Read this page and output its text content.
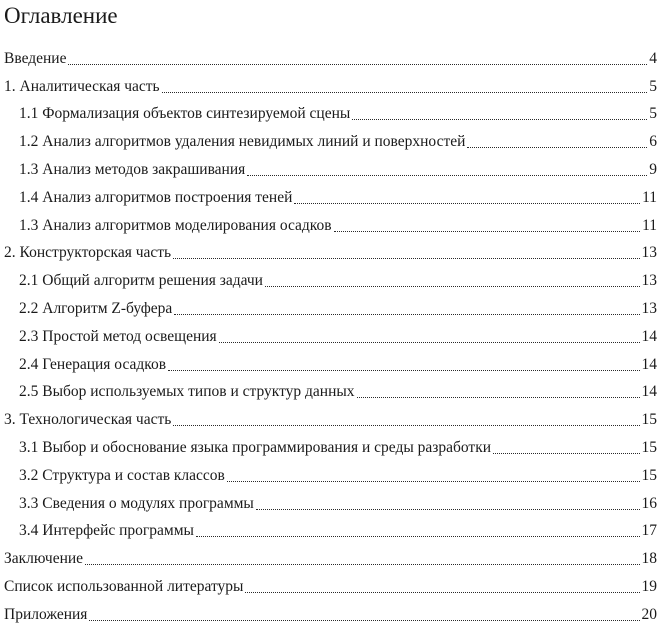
Оглавление
Введение	4
1. Аналитическая часть	5
1.1 Формализация объектов синтезируемой сцены	5
1.2 Анализ алгоритмов удаления невидимых линий и поверхностей	6
1.3 Анализ методов закрашивания	9
1.4 Анализ алгоритмов построения теней	11
1.3 Анализ алгоритмов моделирования осадков	11
2. Конструкторская часть	13
2.1 Общий алгоритм решения задачи	13
2.2 Алгоритм Z-буфера	13
2.3 Простой метод освещения	14
2.4 Генерация осадков	14
2.5 Выбор используемых типов и структур данных	14
3. Технологическая часть	15
3.1 Выбор и обоснование языка программирования и среды разработки	15
3.2 Структура и состав классов	15
3.3 Сведения о модулях программы	16
3.4 Интерфейс программы	17
Заключение	18
Список использованной литературы	19
Приложения	20
